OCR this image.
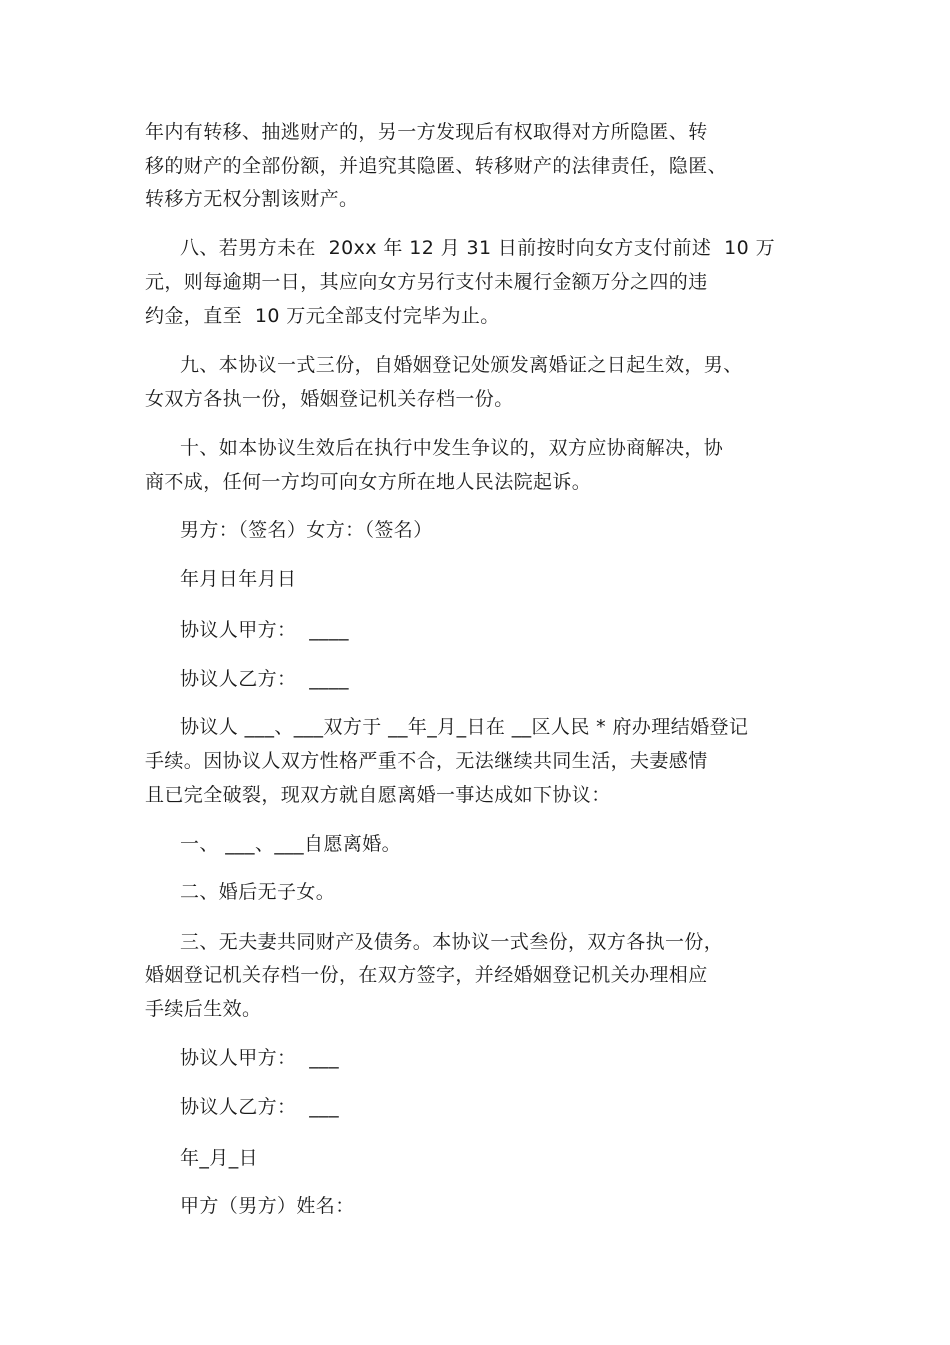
年内有转移、抽逃财产的，另一方发现后有权取得对方所隐匿、转
移的财产的全部份额，并追究其隐匿、转移财产的法律责任，隐匿、
转移方无权分割该财产。
八、若男方未在  20xx 年 12 月 31 日前按时向女方支付前述  10 万
元，则每逾期一日，其应向女方另行支付未履行金额万分之四的违
约金，直至  10 万元全部支付完毕为止。
九、本协议一式三份，自婚姻登记处颁发离婚证之日起生效，男、
女双方各执一份，婚姻登记机关存档一份。
十、如本协议生效后在执行中发生争议的，双方应协商解决，协
商不成，任何一方均可向女方所在地人民法院起诉。
男方：（签名）女方：（签名）
年月日年月日
协议人甲方：  ____
协议人乙方：  ____
协议人 ___、___双方于 __年_月_日在 __区人民 * 府办理结婚登记
手续。因协议人双方性格严重不合，无法继续共同生活，夫妻感情
且已完全破裂，现双方就自愿离婚一事达成如下协议：
一、 ___、___自愿离婚。
二、婚后无子女。
三、无夫妻共同财产及债务。本协议一式叁份，双方各执一份，
婚姻登记机关存档一份，在双方签字，并经婚姻登记机关办理相应
手续后生效。
协议人甲方：  ___
协议人乙方：  ___
年_月_日
甲方（男方）姓名：
